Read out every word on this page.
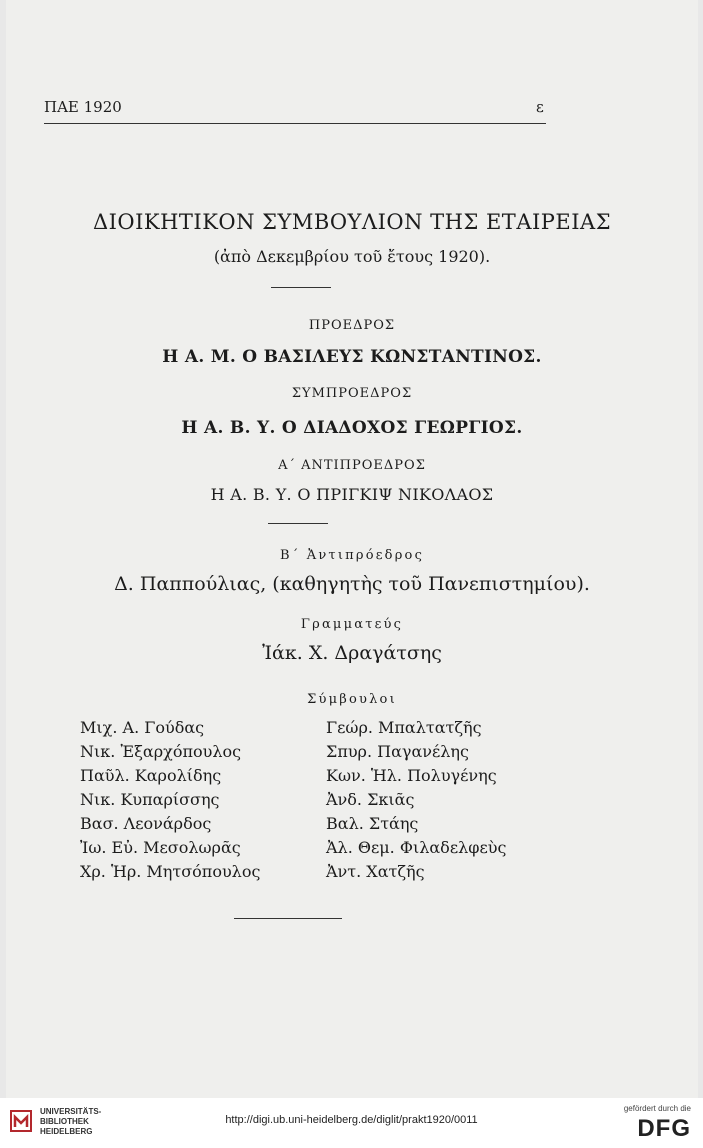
ΠΑΕ 1920	ε
ΔΙΟΙΚΗΤΙΚΟΝ ΣΥΜΒΟΥΛΙΟΝ ΤΗΣ ΕΤΑΙΡΕΙΑΣ
(ἀπὸ Δεκεμβρίου τοῦ ἔτους 1920).
ΠΡΟΕΔΡΟΣ
Η Α. Μ. Ο ΒΑΣΙΛΕΥΣ ΚΩΝΣΤΑΝΤΙΝΟΣ.
ΣΥΜΠΡΟΕΔΡΟΣ
Η Α. Β. Υ. Ο ΔΙΑΔΟΧΟΣ ΓΕΩΡΓΙΟΣ.
Α΄ ΑΝΤΙΠΡΟΕΔΡΟΣ
Η Α. Β. Υ. Ο ΠΡΙΓΚΙΨ ΝΙΚΟΛΑΟΣ
Β΄ Ἀντιπρόεδρος
Δ. Παππούλιας, (καθηγητὴς τοῦ Πανεπιστημίου).
Γραμματεύς
Ἰάκ. Χ. Δραγάτσης
Σύμβουλοι
Μιχ. Α. Γούδας
Νικ. Ἐξαρχόπουλος
Παῦλ. Καρολίδης
Νικ. Κυπαρίσσης
Βασ. Λεονάρδος
Ἰω. Εὐ. Μεσολωρᾶς
Χρ. Ἡρ. Μητσόπουλος
Γεώρ. Μπαλτατζῆς
Σπυρ. Παγανέλης
Κων. Ἡλ. Πολυγένης
Ἀνδ. Σκιᾶς
Βαλ. Στάης
Ἀλ. Θεμ. Φιλαδελφεὺς
Ἀντ. Χατζῆς
UNIVERSITÄTS-
BIBLIOTHEK
HEIDELBERG
http://digi.ub.uni-heidelberg.de/diglit/prakt1920/0011
gefördert durch die
DFG
